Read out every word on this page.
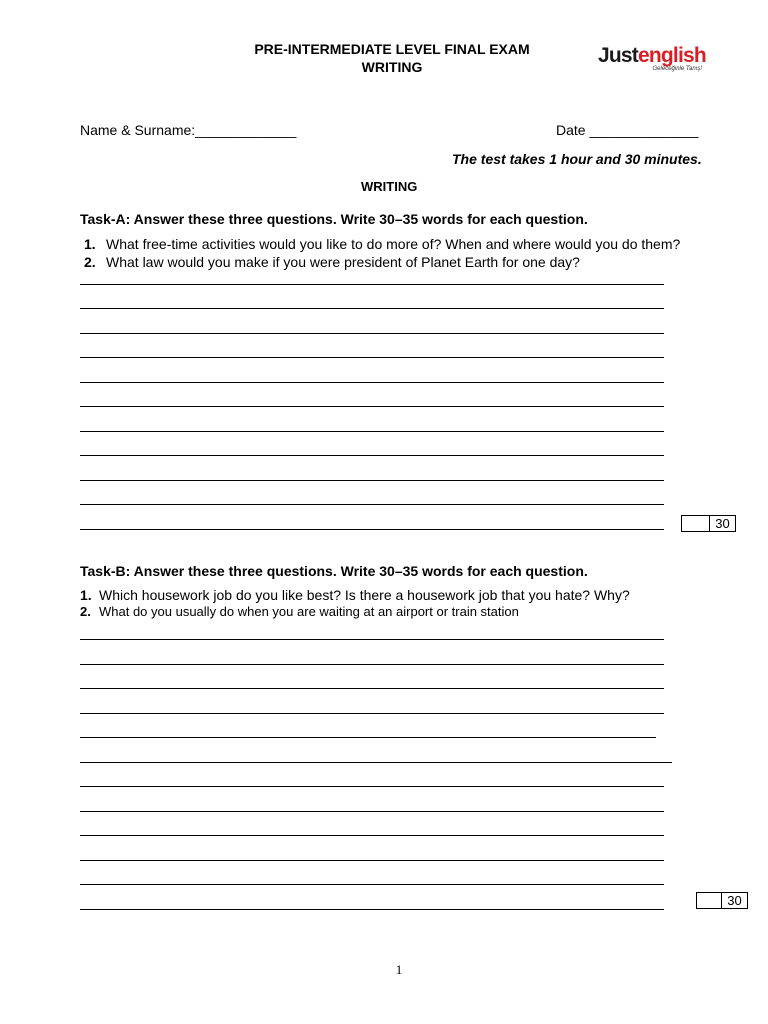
PRE-INTERMEDIATE LEVEL FINAL EXAM
WRITING	Justenglish
Geleceğinle Tanış!
Name & Surname:_____________	Date ______________
The test takes 1 hour and 30 minutes.
WRITING
Task-A: Answer these three questions. Write 30–35 words for each question.
1. What free-time activities would you like to do more of? When and where would you do them?
2. What law would you make if you were president of Planet Earth for one day?
30
Task-B: Answer these three questions. Write 30–35 words for each question.
1. Which housework job do you like best? Is there a housework job that you hate? Why?
2. What do you usually do when you are waiting at an airport or train station
30
1
